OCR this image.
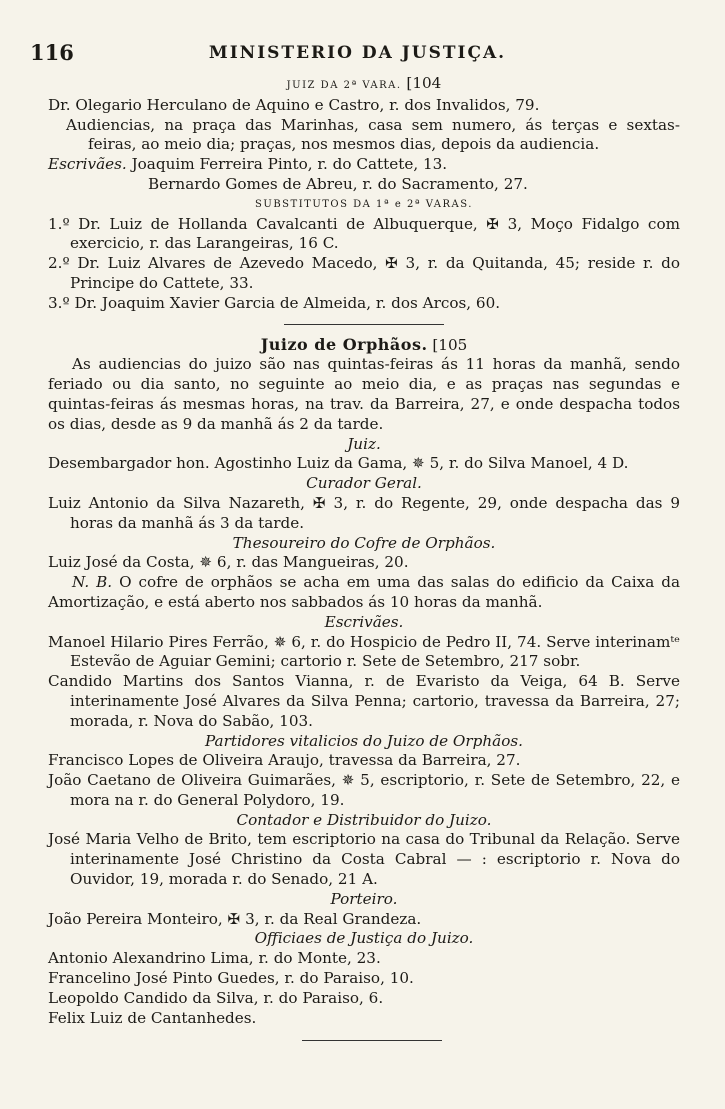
116	MINISTERIO DA JUSTIÇA.

JUIZ DA 2ª VARA. [104

Dr. Olegario Herculano de Aquino e Castro, r. dos Invalidos, 79.

Audiencias, na praça das Marinhas, casa sem numero, ás terças e sextas-feiras, ao meio dia; praças, nos mesmos dias, depois da audiencia.

Escrivães. Joaquim Ferreira Pinto, r. do Cattete, 13.

Bernardo Gomes de Abreu, r. do Sacramento, 27.

SUBSTITUTOS DA 1ª e 2ª VARAS.

1.º Dr. Luiz de Hollanda Cavalcanti de Albuquerque, ✠ 3, Moço Fidalgo com exercicio, r. das Larangeiras, 16 C.

2.º Dr. Luiz Alvares de Azevedo Macedo, ✠ 3, r. da Quitanda, 45; reside r. do Principe do Cattete, 33.

3.º Dr. Joaquim Xavier Garcia de Almeida, r. dos Arcos, 60.

Juizo de Orphãos. [105

As audiencias do juizo são nas quintas-feiras ás 11 horas da manhã, sendo feriado ou dia santo, no seguinte ao meio dia, e as praças nas segundas e quintas-feiras ás mesmas horas, na trav. da Barreira, 27, e onde despacha todos os dias, desde as 9 da manhã ás 2 da tarde.

Juiz.

Desembargador hon. Agostinho Luiz da Gama, ✵ 5, r. do Silva Manoel, 4 D.

Curador Geral.

Luiz Antonio da Silva Nazareth, ✠ 3, r. do Regente, 29, onde despacha das 9 horas da manhã ás 3 da tarde.

Thesoureiro do Cofre de Orphãos.

Luiz José da Costa, ✵ 6, r. das Mangueiras, 20.

N. B. O cofre de orphãos se acha em uma das salas do edificio da Caixa da Amortização, e está aberto nos sabbados ás 10 horas da manhã.

Escrivães.

Manoel Hilario Pires Ferrão, ✵ 6, r. do Hospicio de Pedro II, 74. Serve interinamᵗᵉ Estevão de Aguiar Gemini; cartorio r. Sete de Setembro, 217 sobr.

Candido Martins dos Santos Vianna, r. de Evaristo da Veiga, 64 B. Serve interinamente José Alvares da Silva Penna; cartorio, travessa da Barreira, 27; morada, r. Nova do Sabão, 103.

Partidores vitalicios do Juizo de Orphãos.

Francisco Lopes de Oliveira Araujo, travessa da Barreira, 27.

João Caetano de Oliveira Guimarães, ✵ 5, escriptorio, r. Sete de Setembro, 22, e mora na r. do General Polydoro, 19.

Contador e Distribuidor do Juizo.

José Maria Velho de Brito, tem escriptorio na casa do Tribunal da Relação. Serve interinamente José Christino da Costa Cabral — : escriptorio r. Nova do Ouvidor, 19, morada r. do Senado, 21 A.

Porteiro.

João Pereira Monteiro, ✠ 3, r. da Real Grandeza.

Officiaes de Justiça do Juizo.

Antonio Alexandrino Lima, r. do Monte, 23.

Francelino José Pinto Guedes, r. do Paraiso, 10.

Leopoldo Candido da Silva, r. do Paraiso, 6.

Felix Luiz de Cantanhedes.
